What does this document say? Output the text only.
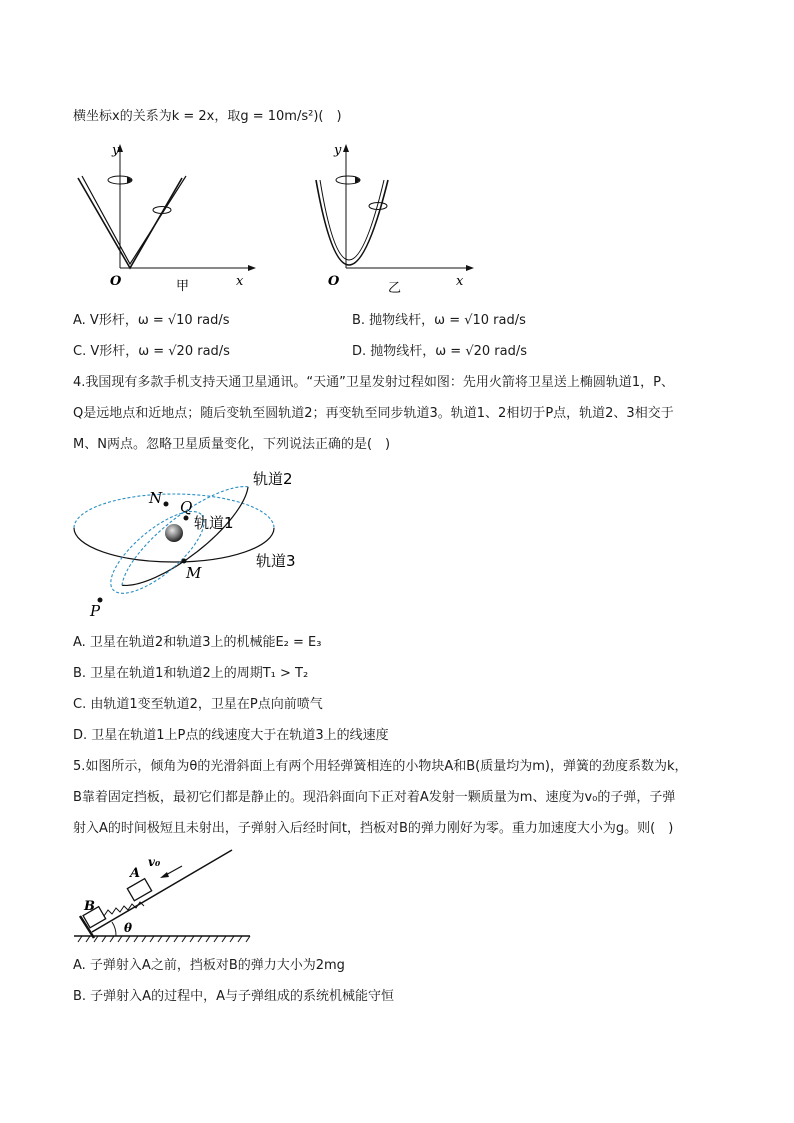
横坐标x的关系为k = 2x，取g = 10m/s²)(　)
y
x
O	甲
y
x
O	乙
A. V形杆，ω = √10 rad/s	B. 抛物线杆，ω = √10 rad/s
C. V形杆，ω = √20 rad/s	D. 抛物线杆，ω = √20 rad/s
4.我国现有多款手机支持天通卫星通讯。“天通”卫星发射过程如图：先用火箭将卫星送上椭圆轨道1，P、
Q是远地点和近地点；随后变轨至圆轨道2；再变轨至同步轨道3。轨道1、2相切于P点，轨道2、3相交于
M、N两点。忽略卫星质量变化，下列说法正确的是(　)
轨道2
轨道1
轨道3
N Q
M
P
A. 卫星在轨道2和轨道3上的机械能E₂ = E₃
B. 卫星在轨道1和轨道2上的周期T₁ > T₂
C. 由轨道1变至轨道2，卫星在P点向前喷气
D. 卫星在轨道1上P点的线速度大于在轨道3上的线速度
5.如图所示，倾角为θ的光滑斜面上有两个用轻弹簧相连的小物块A和B(质量均为m)，弹簧的劲度系数为k，
B靠着固定挡板，最初它们都是静止的。现沿斜面向下正对着A发射一颗质量为m、速度为v₀的子弹，子弹
射入A的时间极短且未射出，子弹射入后经时间t，挡板对B的弹力刚好为零。重力加速度大小为g。则(　)
B
A
v₀
θ
A. 子弹射入A之前，挡板对B的弹力大小为2mg
B. 子弹射入A的过程中，A与子弹组成的系统机械能守恒
